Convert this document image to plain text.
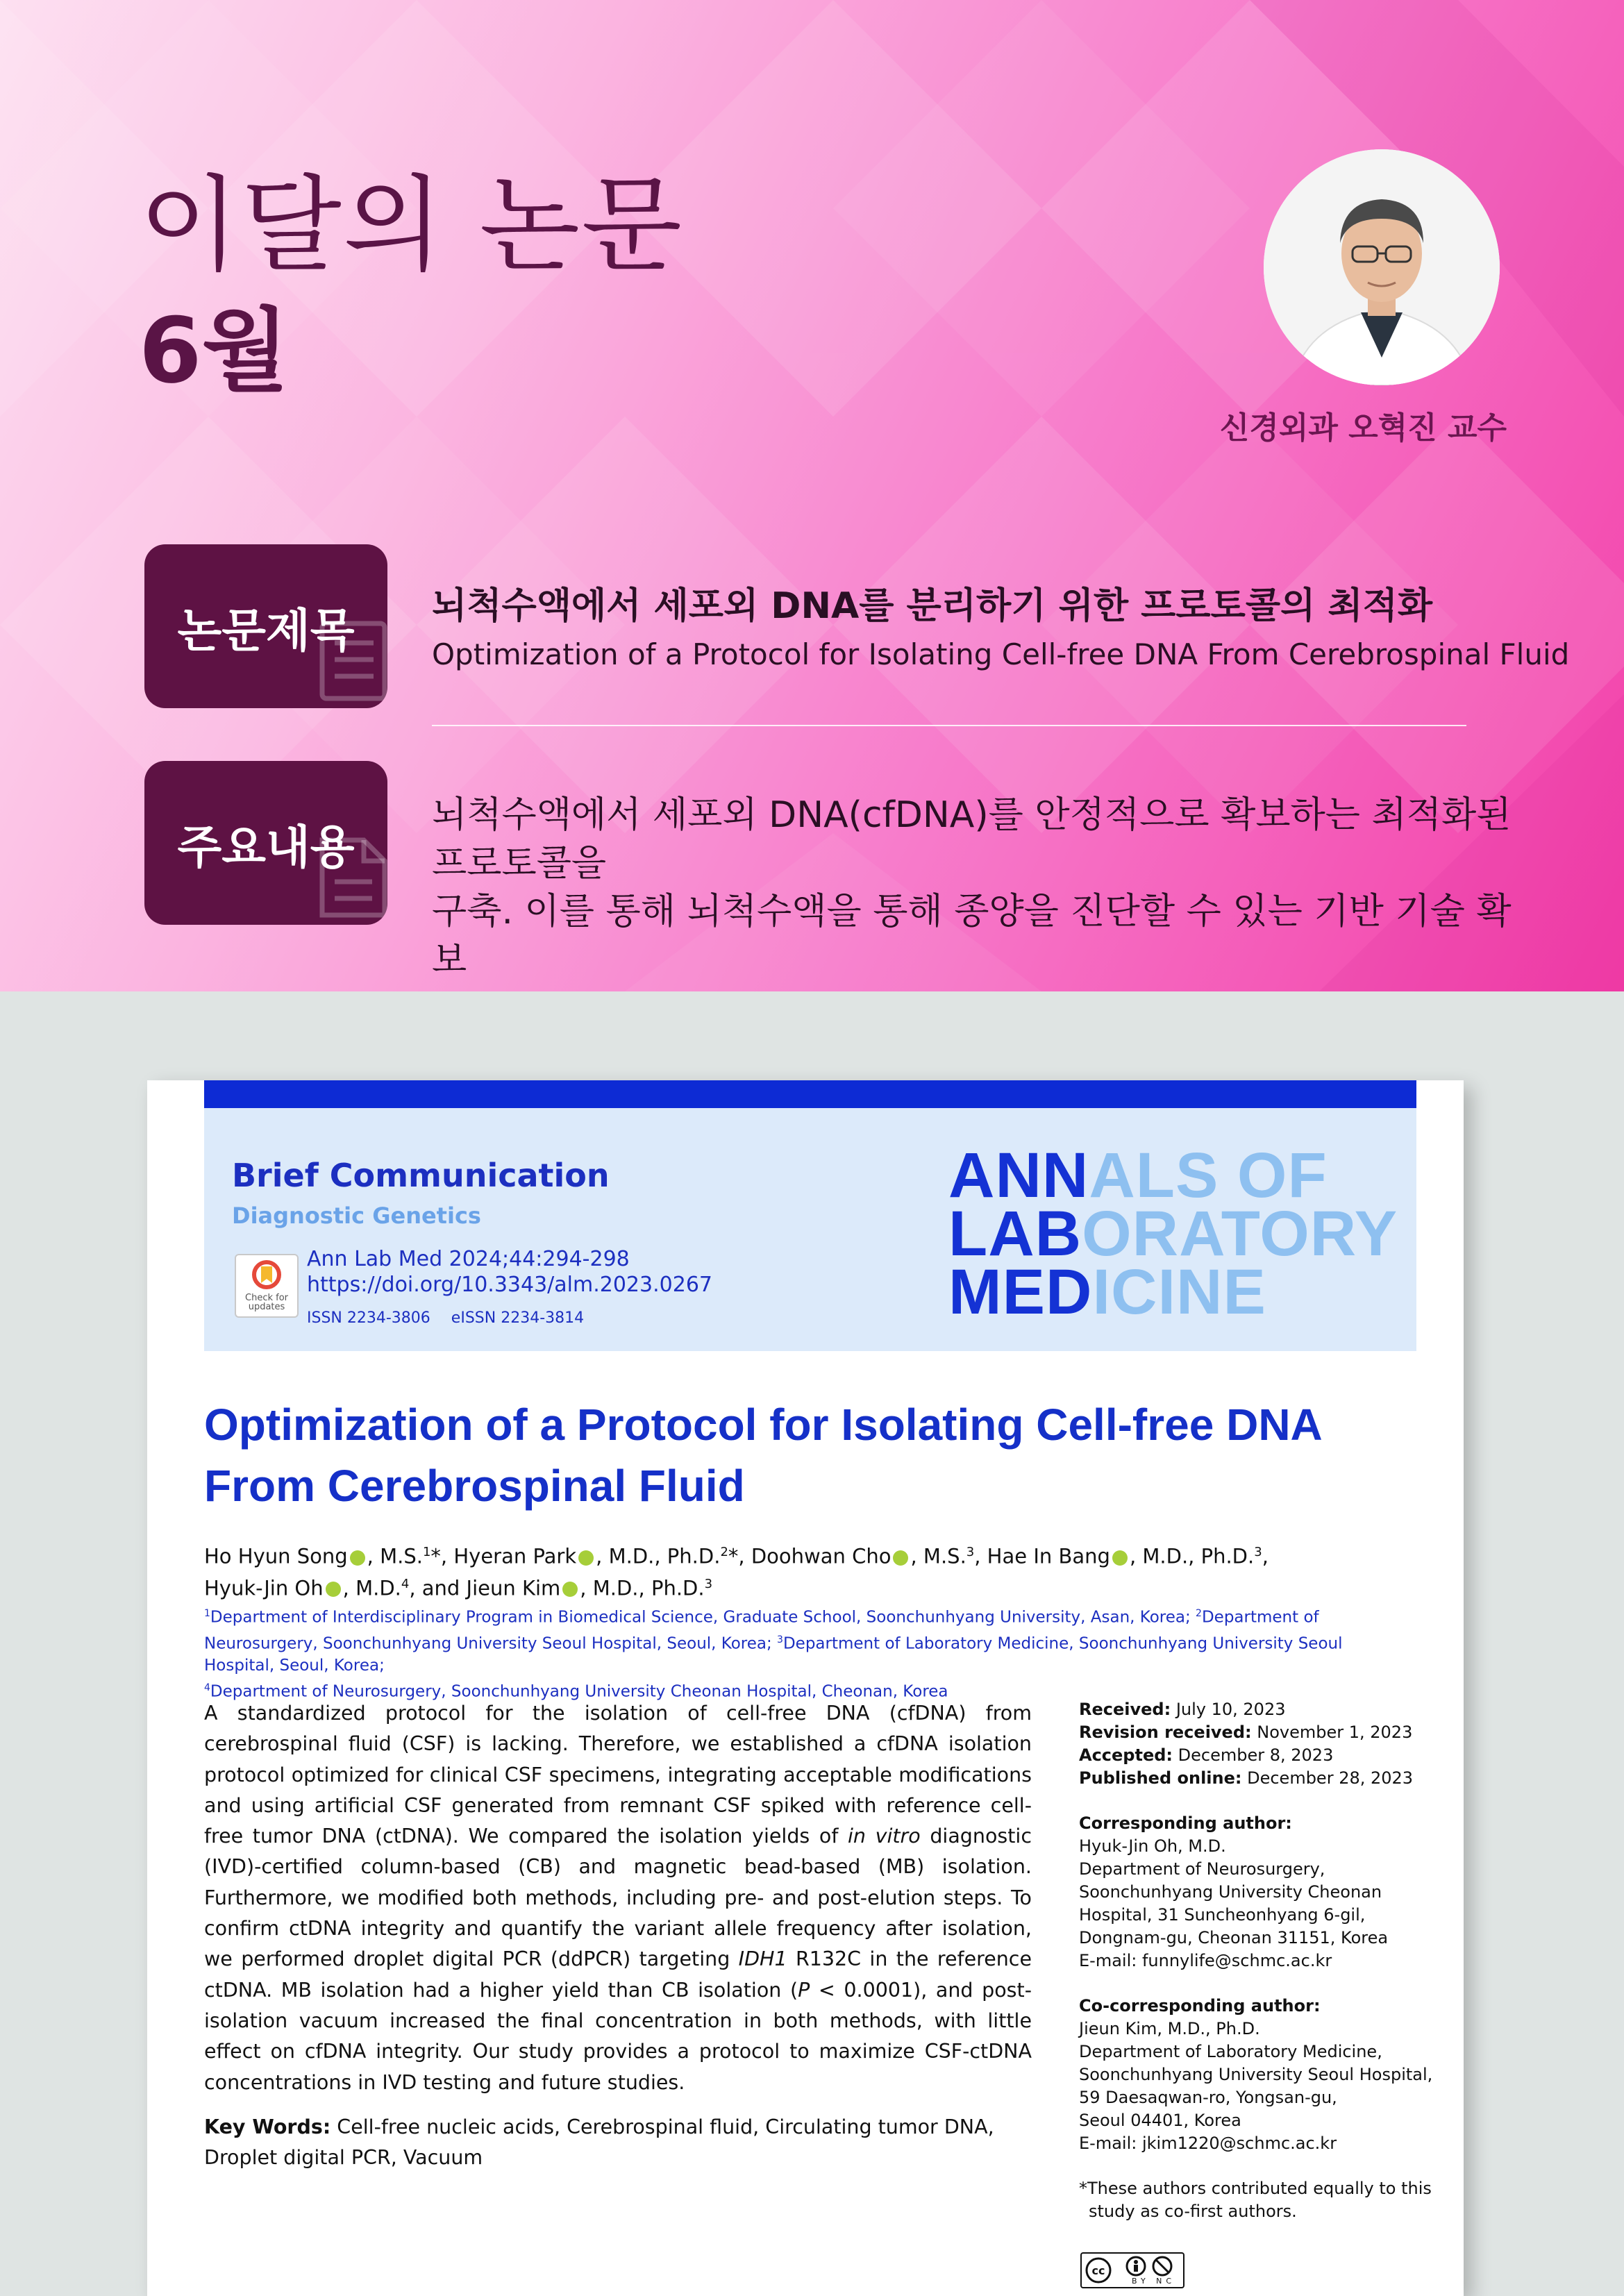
이달의 논문
6월
신경외과 오혁진 교수
논문제목 뇌척수액에서 세포외 DNA를 분리하기 위한 프로토콜의 최적화
Optimization of a Protocol for Isolating Cell-free DNA From Cerebrospinal Fluid
주요내용
뇌척수액에서 세포외 DNA(cfDNA)를 안정적으로 확보하는 최적화된 프로토콜을
구축. 이를 통해 뇌척수액을 통해 종양을 진단할 수 있는 기반 기술 확보
Brief Communication
Diagnostic Genetics
Check for updates
Ann Lab Med 2024;44:294-298
https://doi.org/10.3343/alm.2023.0267
ISSN 2234-3806 eISSN 2234-3814
ANNALS OF
LABORATORY
MEDICINE
Optimization of a Protocol for Isolating Cell-free DNA
From Cerebrospinal Fluid
Ho Hyun Song , M.S.$^1$*, Hyeran Park , M.D., Ph.D.$^2$*, Doohwan Cho , M.S.$^3$, Hae In Bang , M.D., Ph.D.$^3$,
Hyuk-Jin Oh , M.D.$^4$, and Jieun Kim , M.D., Ph.D.$^3$
$^1$Department of Interdisciplinary Program in Biomedical Science, Graduate School, Soonchunhyang University, Asan, Korea; $^2$Department of Neurosurgery, Soonchunhyang University Seoul Hospital, Seoul, Korea; $^3$Department of Laboratory Medicine, Soonchunhyang University Seoul Hospital, Seoul, Korea;
$^4$Department of Neurosurgery, Soonchunhyang University Cheonan Hospital, Cheonan, Korea
A standardized protocol for the isolation of cell-free DNA (cfDNA) from cerebrospinal fluid (CSF) is lacking. Therefore, we established a cfDNA isolation protocol optimized for clinical CSF specimens, integrating acceptable modifications and using artificial CSF generated from remnant CSF spiked with reference cell-free tumor DNA (ctDNA). We compared the isolation yields of in vitro diagnostic (IVD)-certified column-based (CB) and magnetic bead-based (MB) isolation. Furthermore, we modified both methods, including pre- and post-elution steps. To confirm ctDNA integrity and quantify the variant allele frequency after isolation, we performed droplet digital PCR (ddPCR) targeting IDH1 R132C in the reference ctDNA. MB isolation had a higher yield than CB isolation (P < 0.0001), and post-isolation vacuum increased the final concentration in both methods, with little effect on cfDNA integrity. Our study provides a protocol to maximize CSF-ctDNA concentrations in IVD testing and future studies.
Key Words: Cell-free nucleic acids, Cerebrospinal fluid, Circulating tumor DNA, Droplet digital PCR, Vacuum
Received: July 10, 2023
Revision received: November 1, 2023
Accepted: December 8, 2023
Published online: December 28, 2023
Corresponding author:
Hyuk-Jin Oh, M.D.
Department of Neurosurgery,
Soonchunhyang University Cheonan
Hospital, 31 Suncheonhyang 6-gil,
Dongnam-gu, Cheonan 31151, Korea
E-mail: funnylife@schmc.ac.kr
Co-corresponding author:
Jieun Kim, M.D., Ph.D.
Department of Laboratory Medicine,
Soonchunhyang University Seoul Hospital,
59 Daesaqwan-ro, Yongsan-gu,
Seoul 04401, Korea
E-mail: jkim1220@schmc.ac.kr
*These authors contributed equally to this
study as co-first authors.
cc
BY NC
